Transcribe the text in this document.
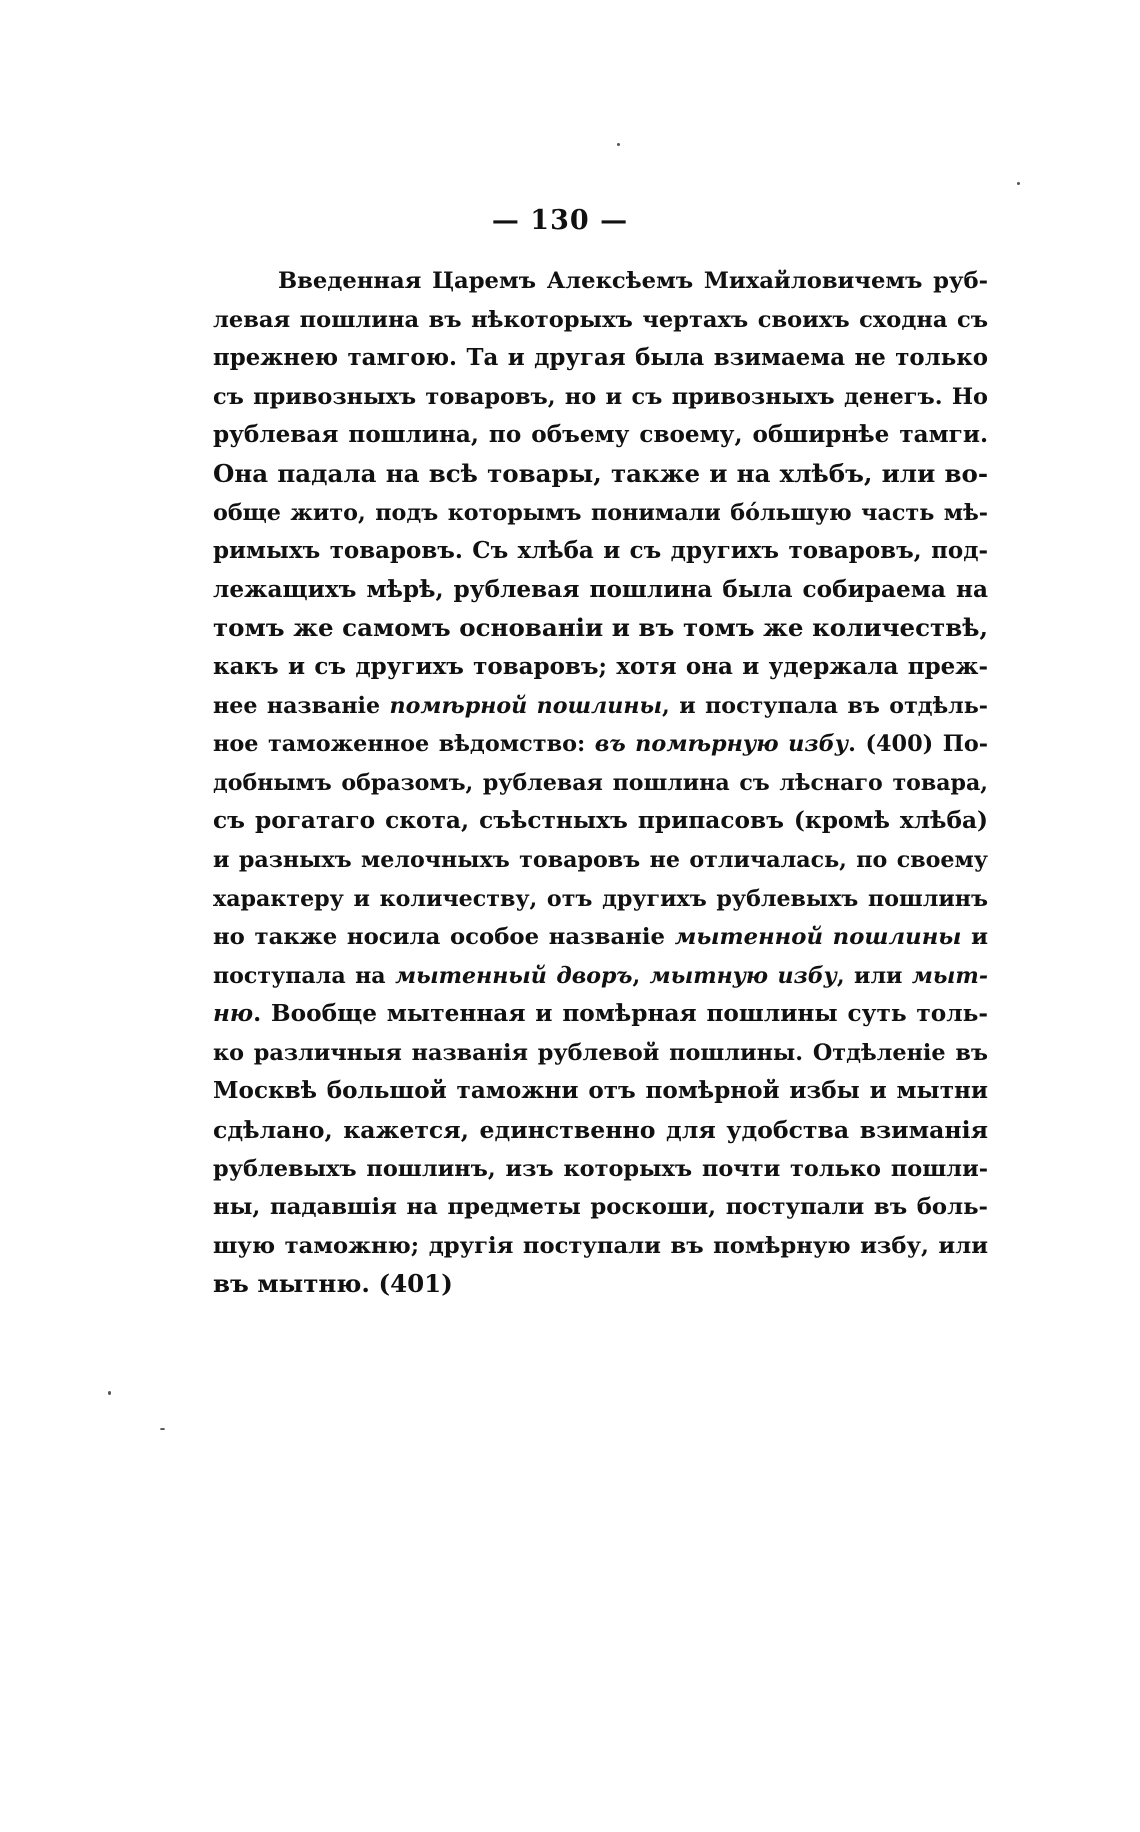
— 130 —
Введенная Царемъ Алексѣемъ Михайловичемъ руб-
левая пошлина въ нѣкоторыхъ чертахъ своихъ сходна съ
прежнею тамгою. Та и другая была взимаема не только
съ привозныхъ товаровъ, но и съ привозныхъ денегъ. Но
рублевая пошлина, по объему своему, обширнѣе тамги.
Она падала на всѣ товары, также и на хлѣбъ, или во-
обще жито, подъ которымъ понимали бо́льшую часть мѣ-
римыхъ товаровъ. Съ хлѣба и съ другихъ товаровъ, под-
лежащихъ мѣрѣ, рублевая пошлина была собираема на
томъ же самомъ основаніи и въ томъ же количествѣ,
какъ и съ другихъ товаровъ; хотя она и удержала преж-
нее названіе помѣрной пошлины, и поступала въ отдѣль-
ное таможенное вѣдомство: въ помѣрную избу. (400) По-
добнымъ образомъ, рублевая пошлина съ лѣснаго товара,
съ рогатаго скота, съѣстныхъ припасовъ (кромѣ хлѣба)
и разныхъ мелочныхъ товаровъ не отличалась, по своему
характеру и количеству, отъ другихъ рублевыхъ пошлинъ
но также носила особое названіе мытенной пошлины и
поступала на мытенный дворъ, мытную избу, или мыт-
ню. Вообще мытенная и помѣрная пошлины суть толь-
ко различныя названія рублевой пошлины. Отдѣленіе въ
Москвѣ большой таможни отъ помѣрной избы и мытни
сдѣлано, кажется, единственно для удобства взиманія
рублевыхъ пошлинъ, изъ которыхъ почти только пошли-
ны, падавшія на предметы роскоши, поступали въ боль-
шую таможню; другія поступали въ помѣрную избу, или
въ мытню. (401)
